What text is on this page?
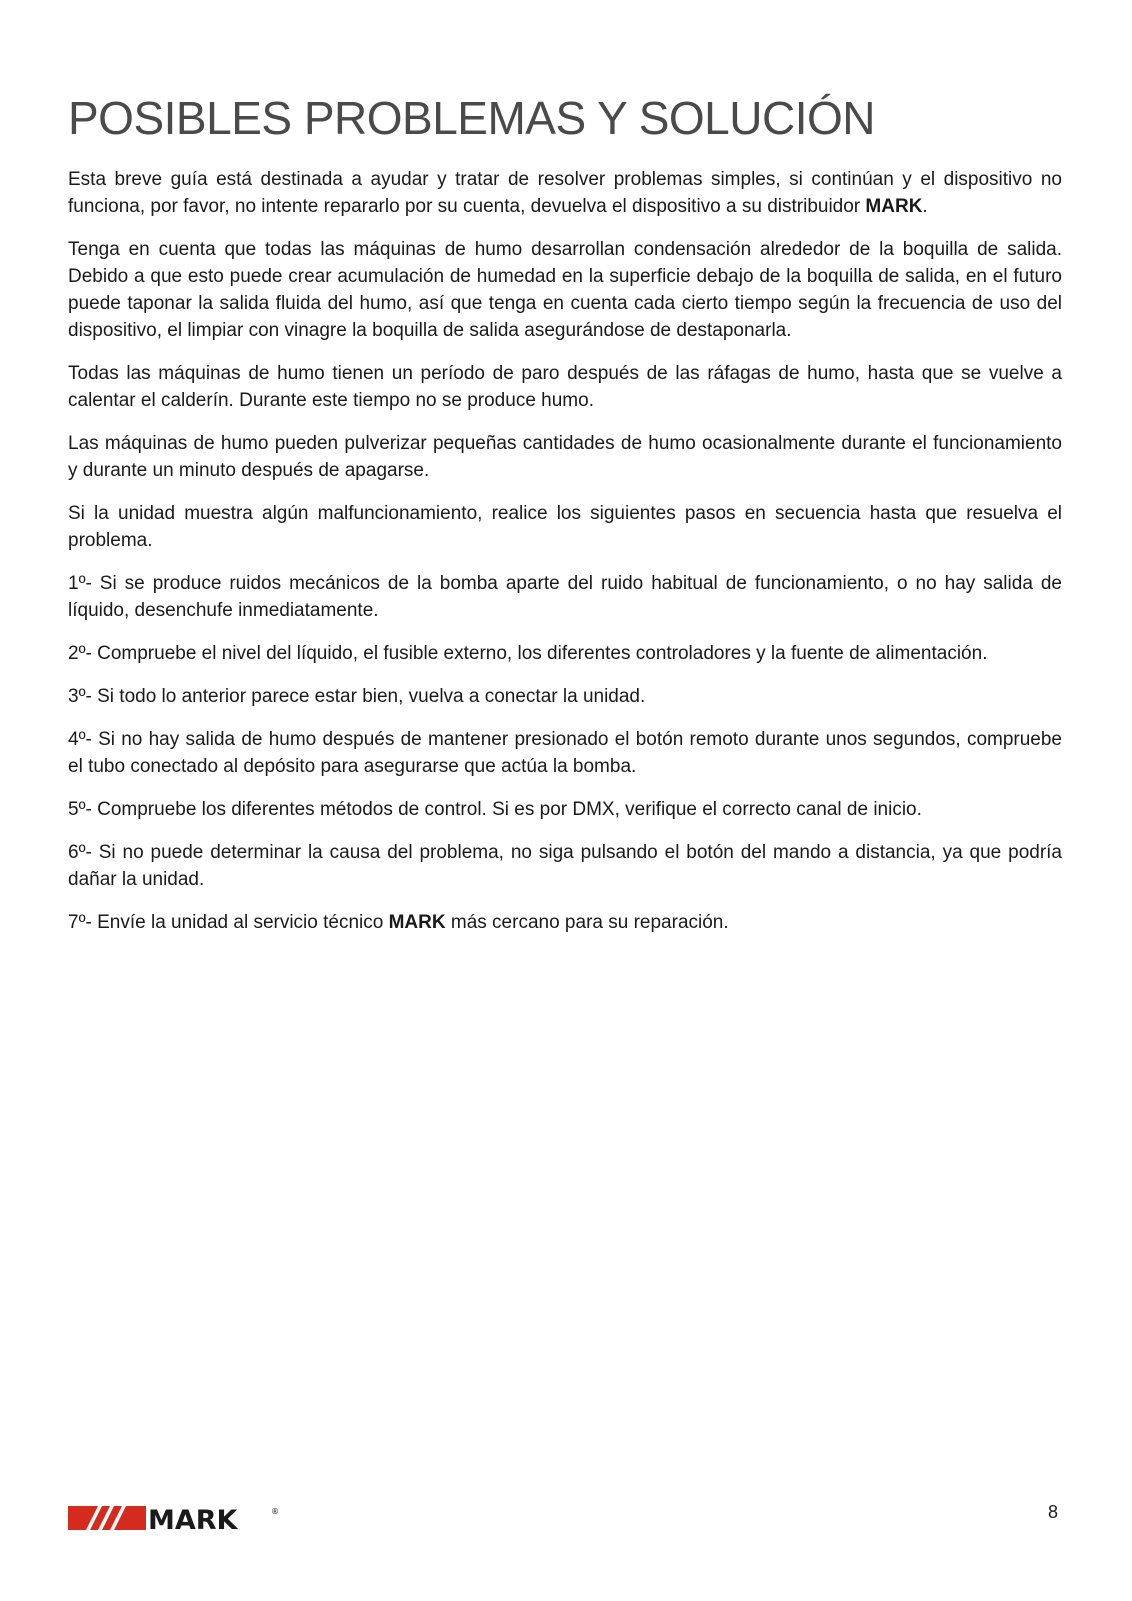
POSIBLES PROBLEMAS Y SOLUCIÓN

Esta breve guía está destinada a ayudar y tratar de resolver problemas simples, si continúan y el dispositivo no funciona, por favor, no intente repararlo por su cuenta, devuelva el dispositivo a su distribuidor MARK.

Tenga en cuenta que todas las máquinas de humo desarrollan condensación alrededor de la boquilla de salida. Debido a que esto puede crear acumulación de humedad en la superficie debajo de la boquilla de salida, en el futuro puede taponar la salida fluida del humo, así que tenga en cuenta cada cierto tiempo según la frecuencia de uso del dispositivo, el limpiar con vinagre la boquilla de salida asegurándose de destaponarla.

Todas las máquinas de humo tienen un período de paro después de las ráfagas de humo, hasta que se vuelve a calentar el calderín. Durante este tiempo no se produce humo.

Las máquinas de humo pueden pulverizar pequeñas cantidades de humo ocasionalmente durante el funcionamiento y durante un minuto después de apagarse.

Si la unidad muestra algún malfuncionamiento, realice los siguientes pasos en secuencia hasta que resuelva el problema.

1º- Si se produce ruidos mecánicos de la bomba aparte del ruido habitual de funcionamiento, o no hay salida de líquido, desenchufe inmediatamente.

2º- Compruebe el nivel del líquido, el fusible externo, los diferentes controladores y la fuente de alimentación.

3º- Si todo lo anterior parece estar bien, vuelva a conectar la unidad.

4º- Si no hay salida de humo después de mantener presionado el botón remoto durante unos segundos, compruebe el tubo conectado al depósito para asegurarse que actúa la bomba.

5º- Compruebe los diferentes métodos de control. Si es por DMX, verifique el correcto canal de inicio.

6º- Si no puede determinar la causa del problema, no siga pulsando el botón del mando a distancia, ya que podría dañar la unidad.

7º- Envíe la unidad al servicio técnico MARK más cercano para su reparación.

MARK	®	8
